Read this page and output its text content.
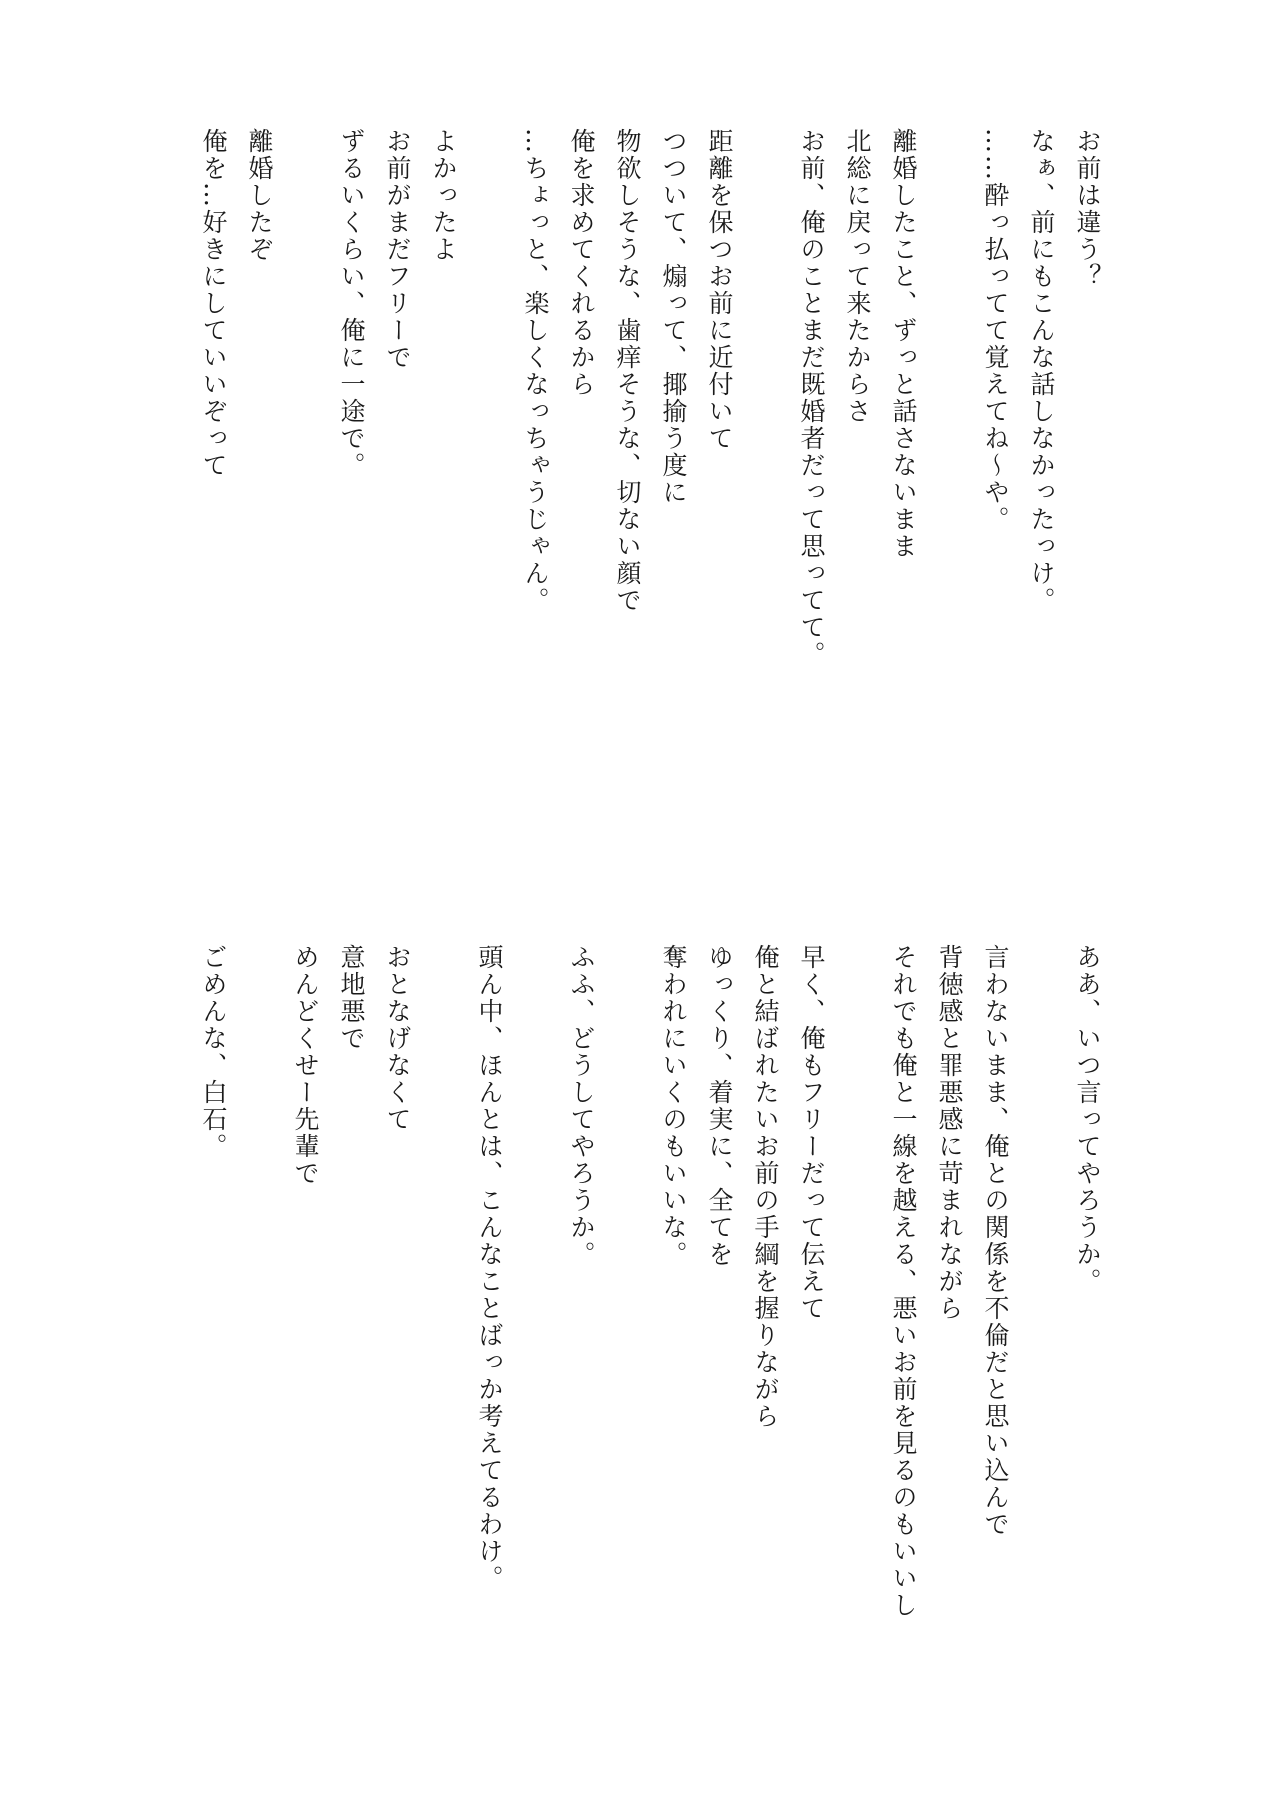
お前は違う？
なぁ、前にもこんな話しなかったっけ。
……酔っ払ってて覚えてね～や。
離婚したこと、ずっと話さないまま
北総に戻って来たからさ
お前、俺のことまだ既婚者だって思ってて。
距離を保つお前に近付いて
つついて、煽って、揶揄う度に
物欲しそうな、歯痒そうな、切ない顔で
俺を求めてくれるから
…ちょっと、楽しくなっちゃうじゃん。
よかったよ
お前がまだフリーで
ずるいくらい、俺に一途で。
離婚したぞ
俺を…好きにしていいぞって
ああ、いつ言ってやろうか。
言わないまま、俺との関係を不倫だと思い込んで
背徳感と罪悪感に苛まれながら
それでも俺と一線を越える、悪いお前を見るのもいいし
早く、俺もフリーだって伝えて
俺と結ばれたいお前の手綱を握りながら
ゆっくり、着実に、全てを
奪われにいくのもいいな。
ふふ、どうしてやろうか。
頭ん中、ほんとは、こんなことばっか考えてるわけ。
おとなげなくて
意地悪で
めんどくせー先輩で
ごめんな、白石。
